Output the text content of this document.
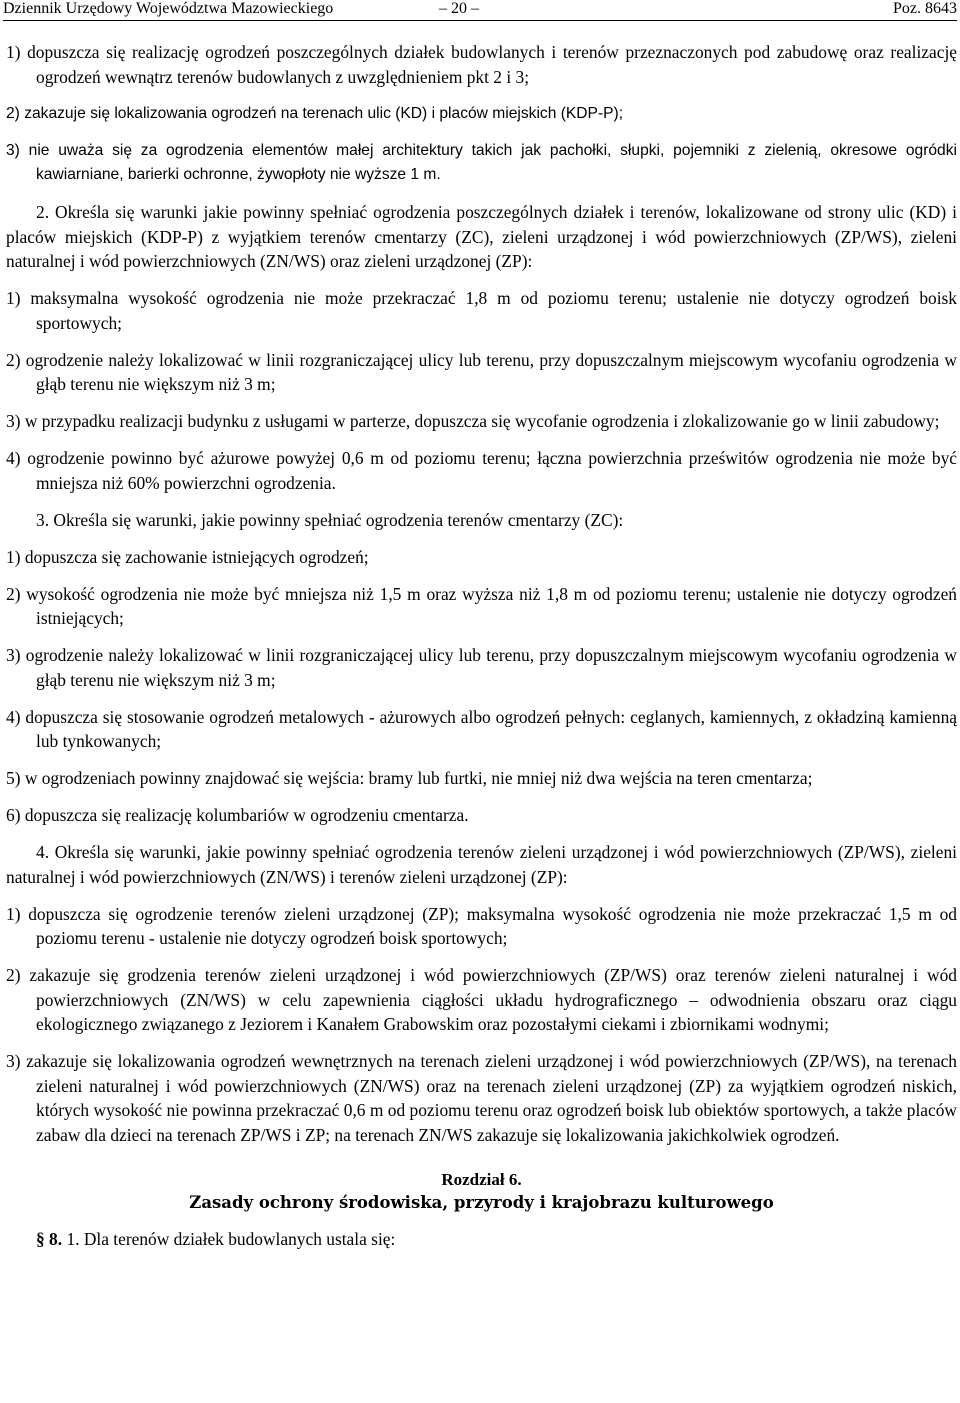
Dziennik Urzędowy Województwa Mazowieckiego	– 20 –	Poz. 8643

1) dopuszcza się realizację ogrodzeń poszczególnych działek budowlanych i terenów przeznaczonych pod zabudowę oraz realizację ogrodzeń wewnątrz terenów budowlanych z uwzględnieniem pkt 2 i 3;

2) zakazuje się lokalizowania ogrodzeń na terenach ulic (KD) i placów miejskich (KDP-P);

3) nie uważa się za ogrodzenia elementów małej architektury takich jak pachołki, słupki, pojemniki z zielenią, okresowe ogródki kawiarniane, barierki ochronne, żywopłoty nie wyższe 1 m.

2. Określa się warunki jakie powinny spełniać ogrodzenia poszczególnych działek i terenów, lokalizowane od strony ulic (KD) i placów miejskich (KDP-P) z wyjątkiem terenów cmentarzy (ZC), zieleni urządzonej i wód powierzchniowych (ZP/WS), zieleni naturalnej i wód powierzchniowych (ZN/WS) oraz zieleni urządzonej (ZP):

1) maksymalna wysokość ogrodzenia nie może przekraczać 1,8 m od poziomu terenu; ustalenie nie dotyczy ogrodzeń boisk sportowych;

2) ogrodzenie należy lokalizować w linii rozgraniczającej ulicy lub terenu, przy dopuszczalnym miejscowym wycofaniu ogrodzenia w głąb terenu nie większym niż 3 m;

3) w przypadku realizacji budynku z usługami w parterze, dopuszcza się wycofanie ogrodzenia i zlokalizowanie go w linii zabudowy;

4) ogrodzenie powinno być ażurowe powyżej 0,6 m od poziomu terenu; łączna powierzchnia prześwitów ogrodzenia nie może być mniejsza niż 60% powierzchni ogrodzenia.

3. Określa się warunki, jakie powinny spełniać ogrodzenia terenów cmentarzy (ZC):

1) dopuszcza się zachowanie istniejących ogrodzeń;

2) wysokość ogrodzenia nie może być mniejsza niż 1,5 m oraz wyższa niż 1,8 m od poziomu terenu; ustalenie nie dotyczy ogrodzeń istniejących;

3) ogrodzenie należy lokalizować w linii rozgraniczającej ulicy lub terenu, przy dopuszczalnym miejscowym wycofaniu ogrodzenia w głąb terenu nie większym niż 3 m;

4) dopuszcza się stosowanie ogrodzeń metalowych - ażurowych albo ogrodzeń pełnych: ceglanych, kamiennych, z okładziną kamienną lub tynkowanych;

5) w ogrodzeniach powinny znajdować się wejścia: bramy lub furtki, nie mniej niż dwa wejścia na teren cmentarza;

6) dopuszcza się realizację kolumbariów w ogrodzeniu cmentarza.

4. Określa się warunki, jakie powinny spełniać ogrodzenia terenów zieleni urządzonej i wód powierzchniowych (ZP/WS), zieleni naturalnej i wód powierzchniowych (ZN/WS) i terenów zieleni urządzonej (ZP):

1) dopuszcza się ogrodzenie terenów zieleni urządzonej (ZP); maksymalna wysokość ogrodzenia nie może przekraczać 1,5 m od poziomu terenu - ustalenie nie dotyczy ogrodzeń boisk sportowych;

2) zakazuje się grodzenia terenów zieleni urządzonej i wód powierzchniowych (ZP/WS) oraz terenów zieleni naturalnej i wód powierzchniowych (ZN/WS) w celu zapewnienia ciągłości układu hydrograficznego – odwodnienia obszaru oraz ciągu ekologicznego związanego z Jeziorem i Kanałem Grabowskim oraz pozostałymi ciekami i zbiornikami wodnymi;

3) zakazuje się lokalizowania ogrodzeń wewnętrznych na terenach zieleni urządzonej i wód powierzchniowych (ZP/WS), na terenach zieleni naturalnej i wód powierzchniowych (ZN/WS) oraz na terenach zieleni urządzonej (ZP) za wyjątkiem ogrodzeń niskich, których wysokość nie powinna przekraczać 0,6 m od poziomu terenu oraz ogrodzeń boisk lub obiektów sportowych, a także placów zabaw dla dzieci na terenach ZP/WS i ZP; na terenach ZN/WS zakazuje się lokalizowania jakichkolwiek ogrodzeń.

Rozdział 6.
Zasady ochrony środowiska, przyrody i krajobrazu kulturowego
§ 8. 1. Dla terenów działek budowlanych ustala się:
